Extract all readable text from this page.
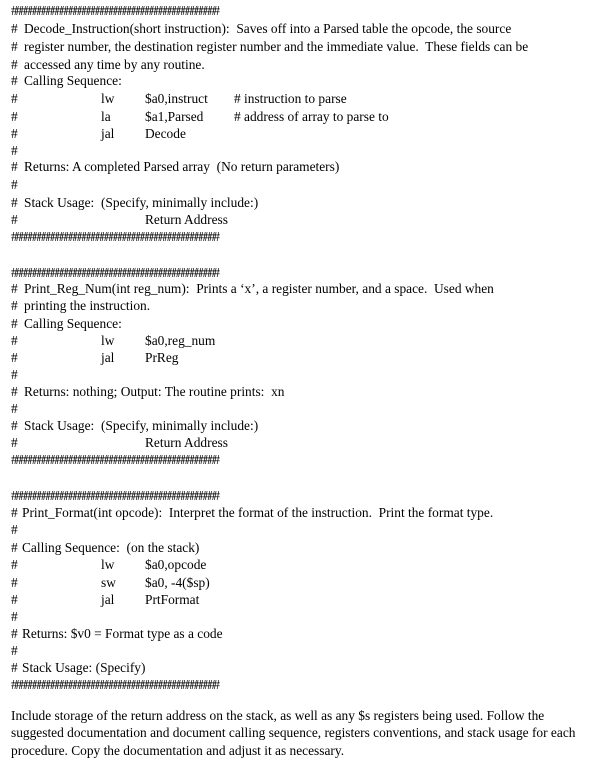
##############################################
# Decode_Instruction(short instruction):  Saves off into a Parsed table the opcode, the source
# register number, the destination register number and the immediate value.  These fields can be
# accessed any time by any routine.
# Calling Sequence:
#	lw $a0,instruct # instruction to parse
#	la	$a1,Parsed # address of array to parse to
#	jal Decode
#
# Returns: A completed Parsed array  (No return parameters)
#
# Stack Usage:  (Specify, minimally include:)
#	Return Address
##############################################
##############################################
# Print_Reg_Num(int reg_num):  Prints a ‘x’, a register number, and a space.  Used when
# printing the instruction.
# Calling Sequence:
#	lw $a0,reg_num
#	jal PrReg
#
# Returns: nothing; Output: The routine prints:  xn
#
# Stack Usage:  (Specify, minimally include:)
#	Return Address
##############################################
##############################################
# Print_Format(int opcode):  Interpret the format of the instruction.  Print the format type.
#
# Calling Sequence:  (on the stack)
#	lw $a0,opcode
#	sw $a0, -4($sp)
#	jal PrtFormat
#
# Returns: $v0 = Format type as a code
#
# Stack Usage: (Specify)
##############################################
Include storage of the return address on the stack, as well as any $s registers being used. Follow the suggested documentation and document calling sequence, registers conventions, and stack usage for each procedure. Copy the documentation and adjust it as necessary.
